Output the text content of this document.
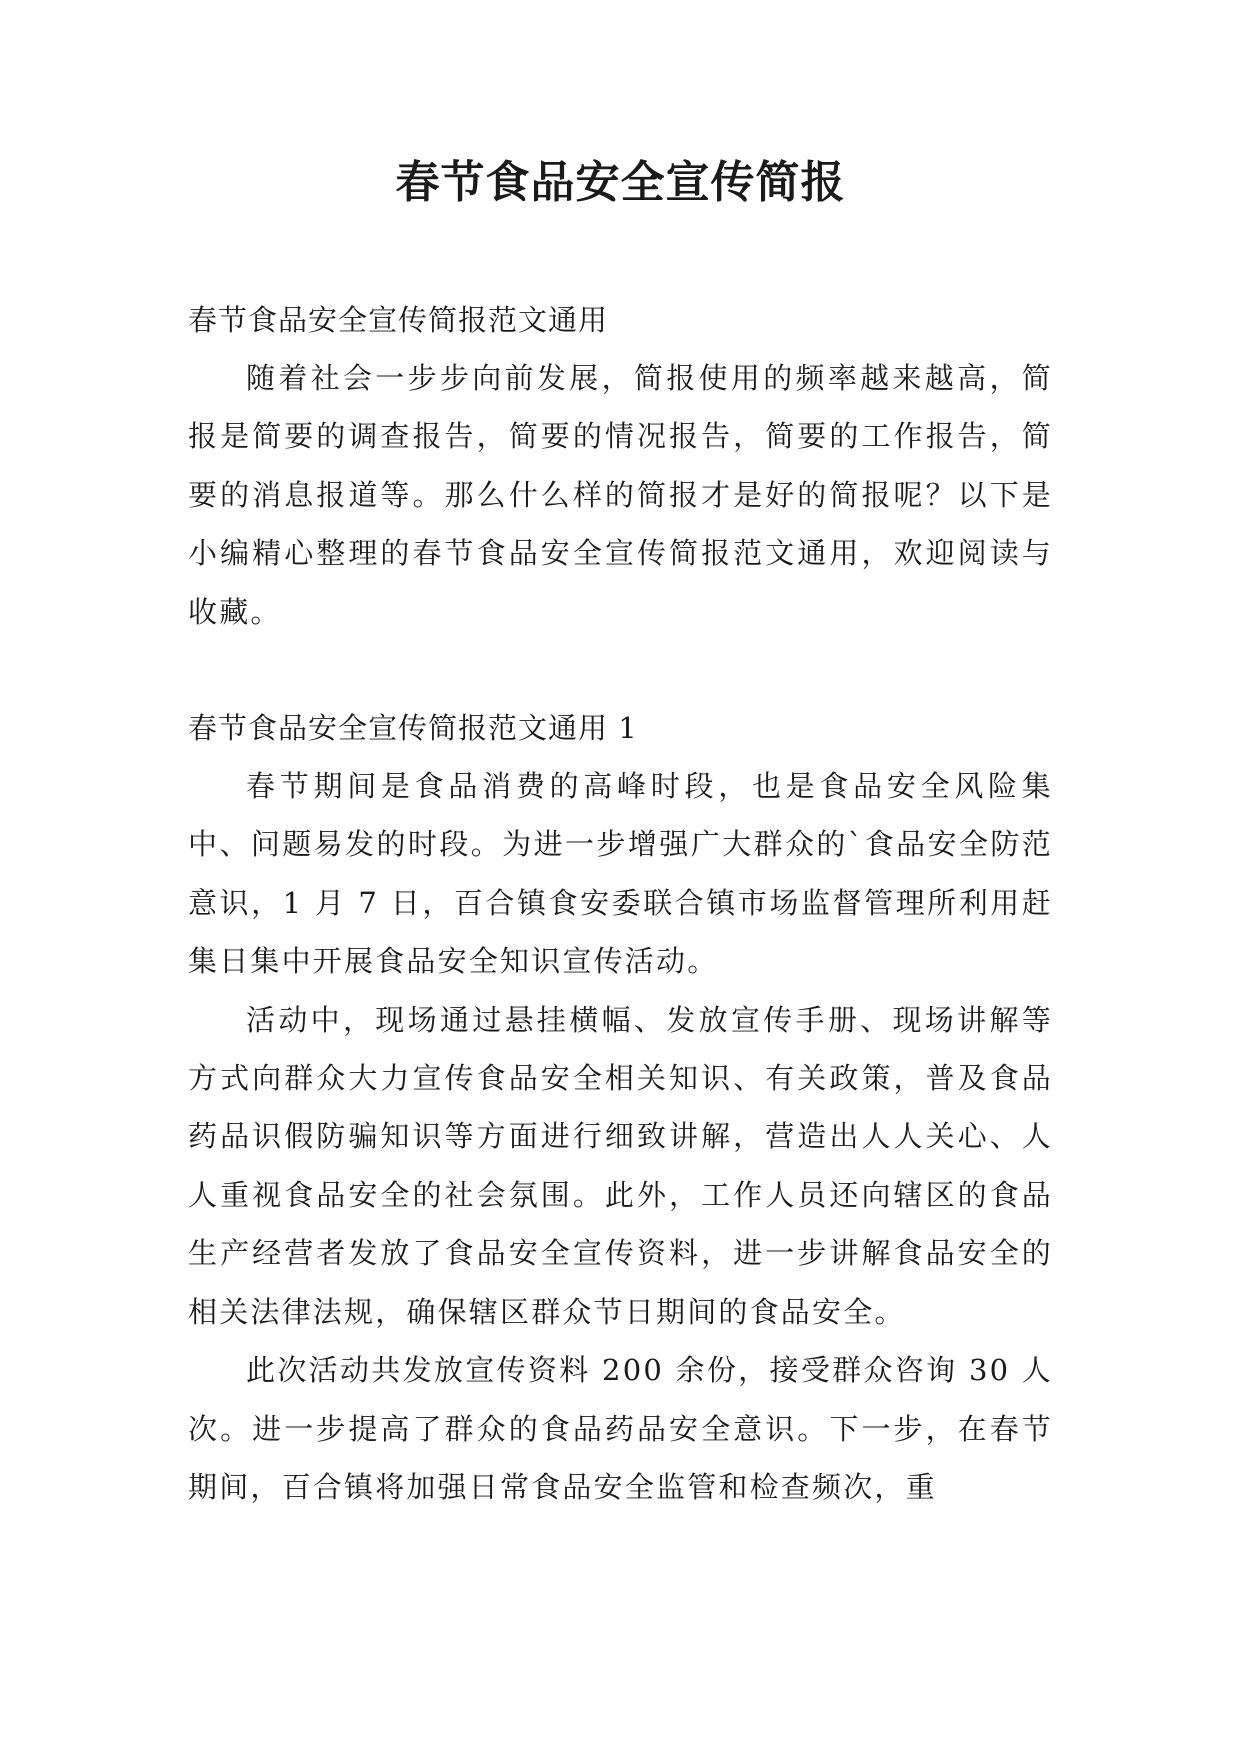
春节食品安全宣传简报

春节食品安全宣传简报范文通用

随着社会一步步向前发展，简报使用的频率越来越高，简报是简要的调查报告，简要的情况报告，简要的工作报告，简要的消息报道等。那么什么样的简报才是好的简报呢？以下是小编精心整理的春节食品安全宣传简报范文通用，欢迎阅读与收藏。

春节食品安全宣传简报范文通用 1

春节期间是食品消费的高峰时段，也是食品安全风险集中、问题易发的时段。为进一步增强广大群众的`食品安全防范意识，1 月 7 日，百合镇食安委联合镇市场监督管理所利用赶集日集中开展食品安全知识宣传活动。

活动中，现场通过悬挂横幅、发放宣传手册、现场讲解等方式向群众大力宣传食品安全相关知识、有关政策，普及食品药品识假防骗知识等方面进行细致讲解，营造出人人关心、人人重视食品安全的社会氛围。此外，工作人员还向辖区的食品生产经营者发放了食品安全宣传资料，进一步讲解食品安全的相关法律法规，确保辖区群众节日期间的食品安全。

此次活动共发放宣传资料 200 余份，接受群众咨询 30 人次。进一步提高了群众的食品药品安全意识。下一步，在春节期间，百合镇将加强日常食品安全监管和检查频次，重
